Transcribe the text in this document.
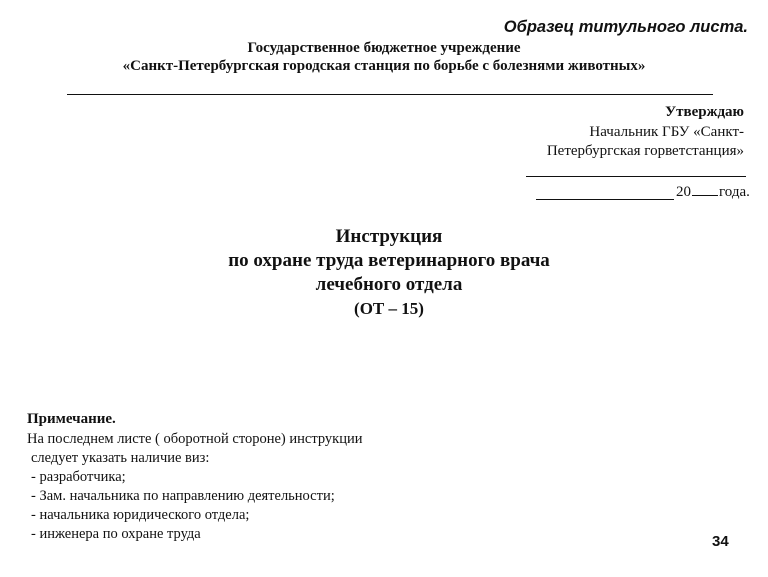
Образец титульного листа.
Государственное бюджетное учреждение
«Санкт-Петербургская городская станция по борьбе с болезнями животных»
Утверждаю
Начальник ГБУ «Санкт-
Петербургская горветстанция»
20 года.
Инструкция
по охране труда ветеринарного врача
лечебного отдела
(ОТ – 15)
Примечание.
На последнем листе ( оборотной стороне) инструкции
следует указать наличие виз:
- разработчика;
- Зам. начальника по направлению деятельности;
- начальника юридического отдела;
- инженера по охране труда	34
